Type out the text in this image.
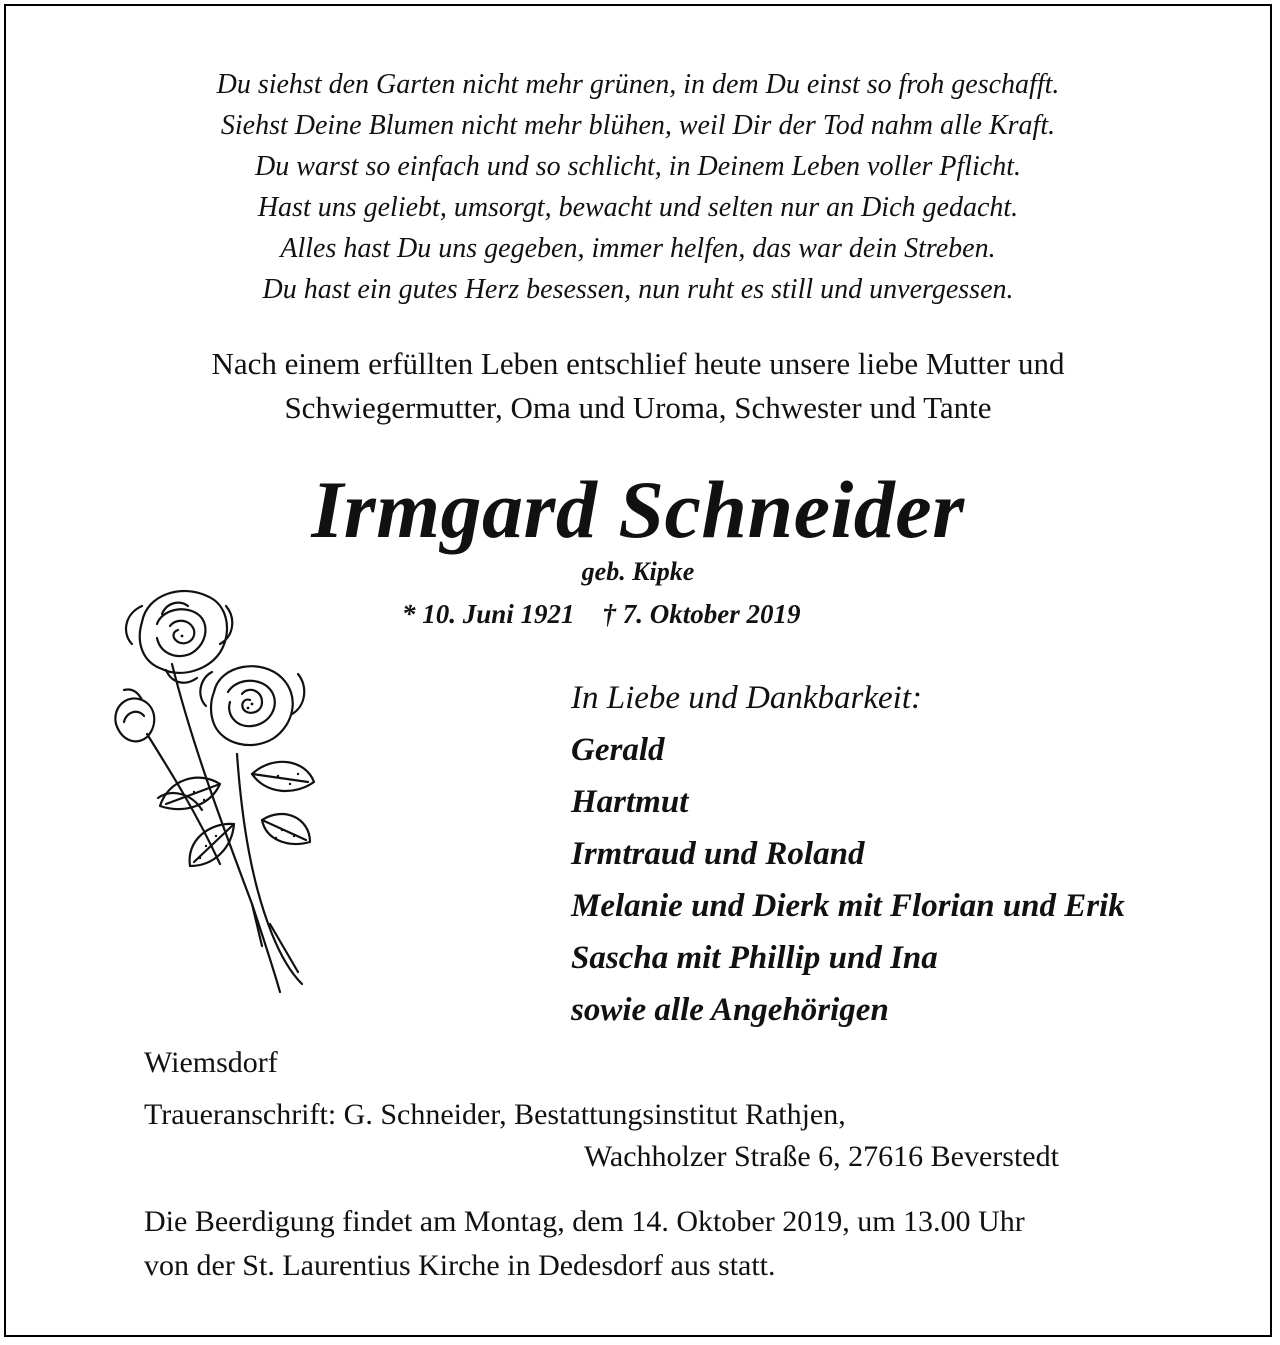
Du siehst den Garten nicht mehr grünen, in dem Du einst so froh geschafft.
Siehst Deine Blumen nicht mehr blühen, weil Dir der Tod nahm alle Kraft.
Du warst so einfach und so schlicht, in Deinem Leben voller Pflicht.
Hast uns geliebt, umsorgt, bewacht und selten nur an Dich gedacht.
Alles hast Du uns gegeben, immer helfen, das war dein Streben.
Du hast ein gutes Herz besessen, nun ruht es still und unvergessen.
Nach einem erfüllten Leben entschlief heute unsere liebe Mutter und
Schwiegermutter, Oma und Uroma, Schwester und Tante
Irmgard Schneider
geb. Kipke
* 10. Juni 1921 † 7. Oktober 2019
In Liebe und Dankbarkeit:
Gerald
Hartmut
Irmtraud und Roland
Melanie und Dierk mit Florian und Erik
Sascha mit Phillip und Ina
sowie alle Angehörigen
Wiemsdorf
Traueranschrift: G. Schneider, Bestattungsinstitut Rathjen,
Wachholzer Straße 6, 27616 Beverstedt
Die Beerdigung findet am Montag, dem 14. Oktober 2019, um 13.00 Uhr
von der St. Laurentius Kirche in Dedesdorf aus statt.
